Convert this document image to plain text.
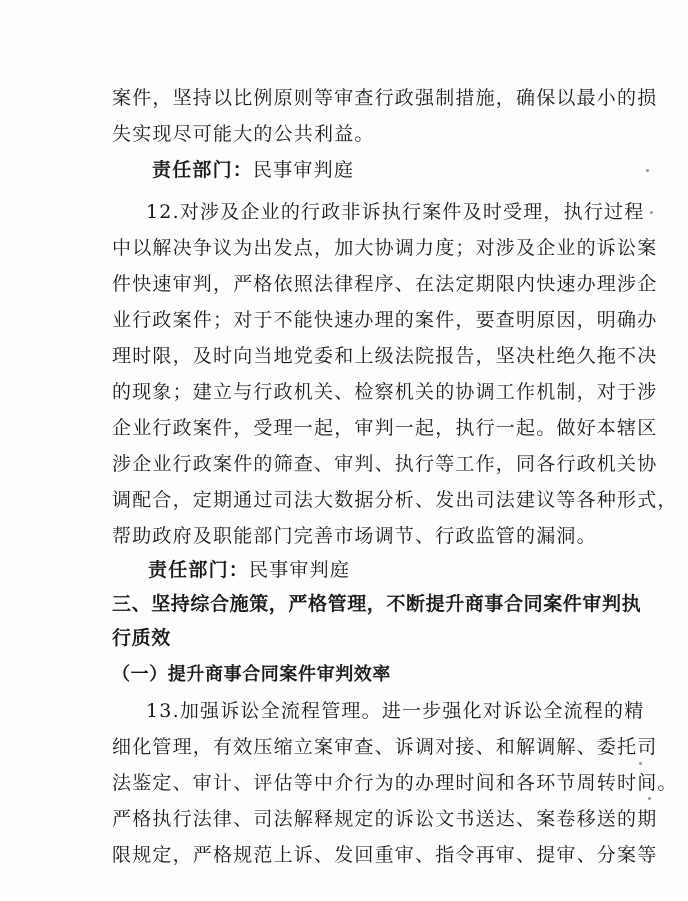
案件，坚持以比例原则等审查行政强制措施，确保以最小的损
失实现尽可能大的公共利益。
责任部门：民事审判庭
12.对涉及企业的行政非诉执行案件及时受理，执行过程
中以解决争议为出发点，加大协调力度；对涉及企业的诉讼案
件快速审判，严格依照法律程序、在法定期限内快速办理涉企
业行政案件；对于不能快速办理的案件，要查明原因，明确办
理时限，及时向当地党委和上级法院报告，坚决杜绝久拖不决
的现象；建立与行政机关、检察机关的协调工作机制，对于涉
企业行政案件，受理一起，审判一起，执行一起。做好本辖区
涉企业行政案件的筛查、审判、执行等工作，同各行政机关协
调配合，定期通过司法大数据分析、发出司法建议等各种形式，
帮助政府及职能部门完善市场调节、行政监管的漏洞。
责任部门：民事审判庭
三、坚持综合施策，严格管理，不断提升商事合同案件审判执
行质效
（一）提升商事合同案件审判效率
13.加强诉讼全流程管理。进一步强化对诉讼全流程的精
细化管理，有效压缩立案审查、诉调对接、和解调解、委托司
法鉴定、审计、评估等中介行为的办理时间和各环节周转时间。
严格执行法律、司法解释规定的诉讼文书送达、案卷移送的期
限规定，严格规范上诉、发回重审、指令再审、提审、分案等
